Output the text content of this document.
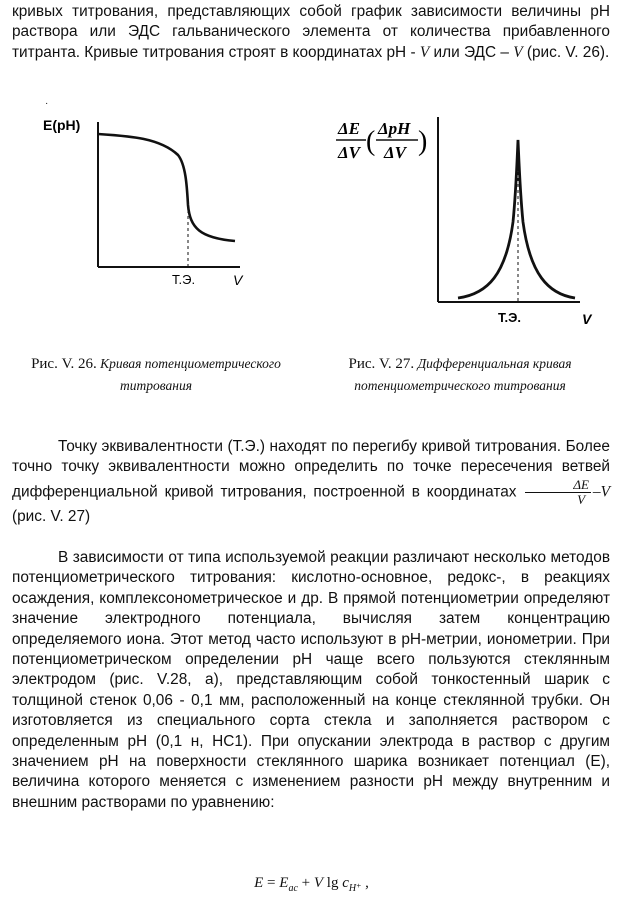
кривых титрования, представляющих собой график зависимости величины рН раствора или ЭДС гальванического элемента от количества прибавленного титранта. Кривые титрования строят в координатах рН - V или ЭДС – V (рис. V. 26).

·
E(pH)
Т.Э.	V
ΔE
ΔV ( ΔpH
ΔV )
Т.Э.	V
Рис. V. 26. Кривая потенциометрического титрования
Рис. V. 27. Дифференциальная кривая потенциометрического титрования

Точку эквивалентности (Т.Э.) находят по перегибу кривой титрования. Более точно точку эквивалентности можно определить по точке пересечения ветвей дифференциальной кривой титрования, построенной в координатах $\frac{\Delta E}{V} -V$ (рис. V. 27)

В зависимости от типа используемой реакции различают несколько методов потенциометрического титрования: кислотно-основное, редокс-, в реакциях осаждения, комплексонометрическое и др. В прямой потенциометрии определяют значение электродного потенциала, вычисляя затем концентрацию определяемого иона. Этот метод часто используют в рН-метрии, ионометрии. При потенциометрическом определении рН чаще всего пользуются стеклянным электродом (рис. V.28, а), представляющим собой тонкостенный шарик с толщиной стенок 0,06 - 0,1 мм, расположенный на конце стеклянной трубки. Он изготовляется из специального сорта стекла и заполняется раствором с определенным рН (0,1 н, HC1). При опускании электрода в раствор с другим значением рН на поверхности стеклянного шарика возникает потенциал (Е), величина которого меняется с изменением разности рН между внутренним и внешним растворами по уравнению:

$E = E_{ас} + V$ $\lg c_{H^+}$ ,
